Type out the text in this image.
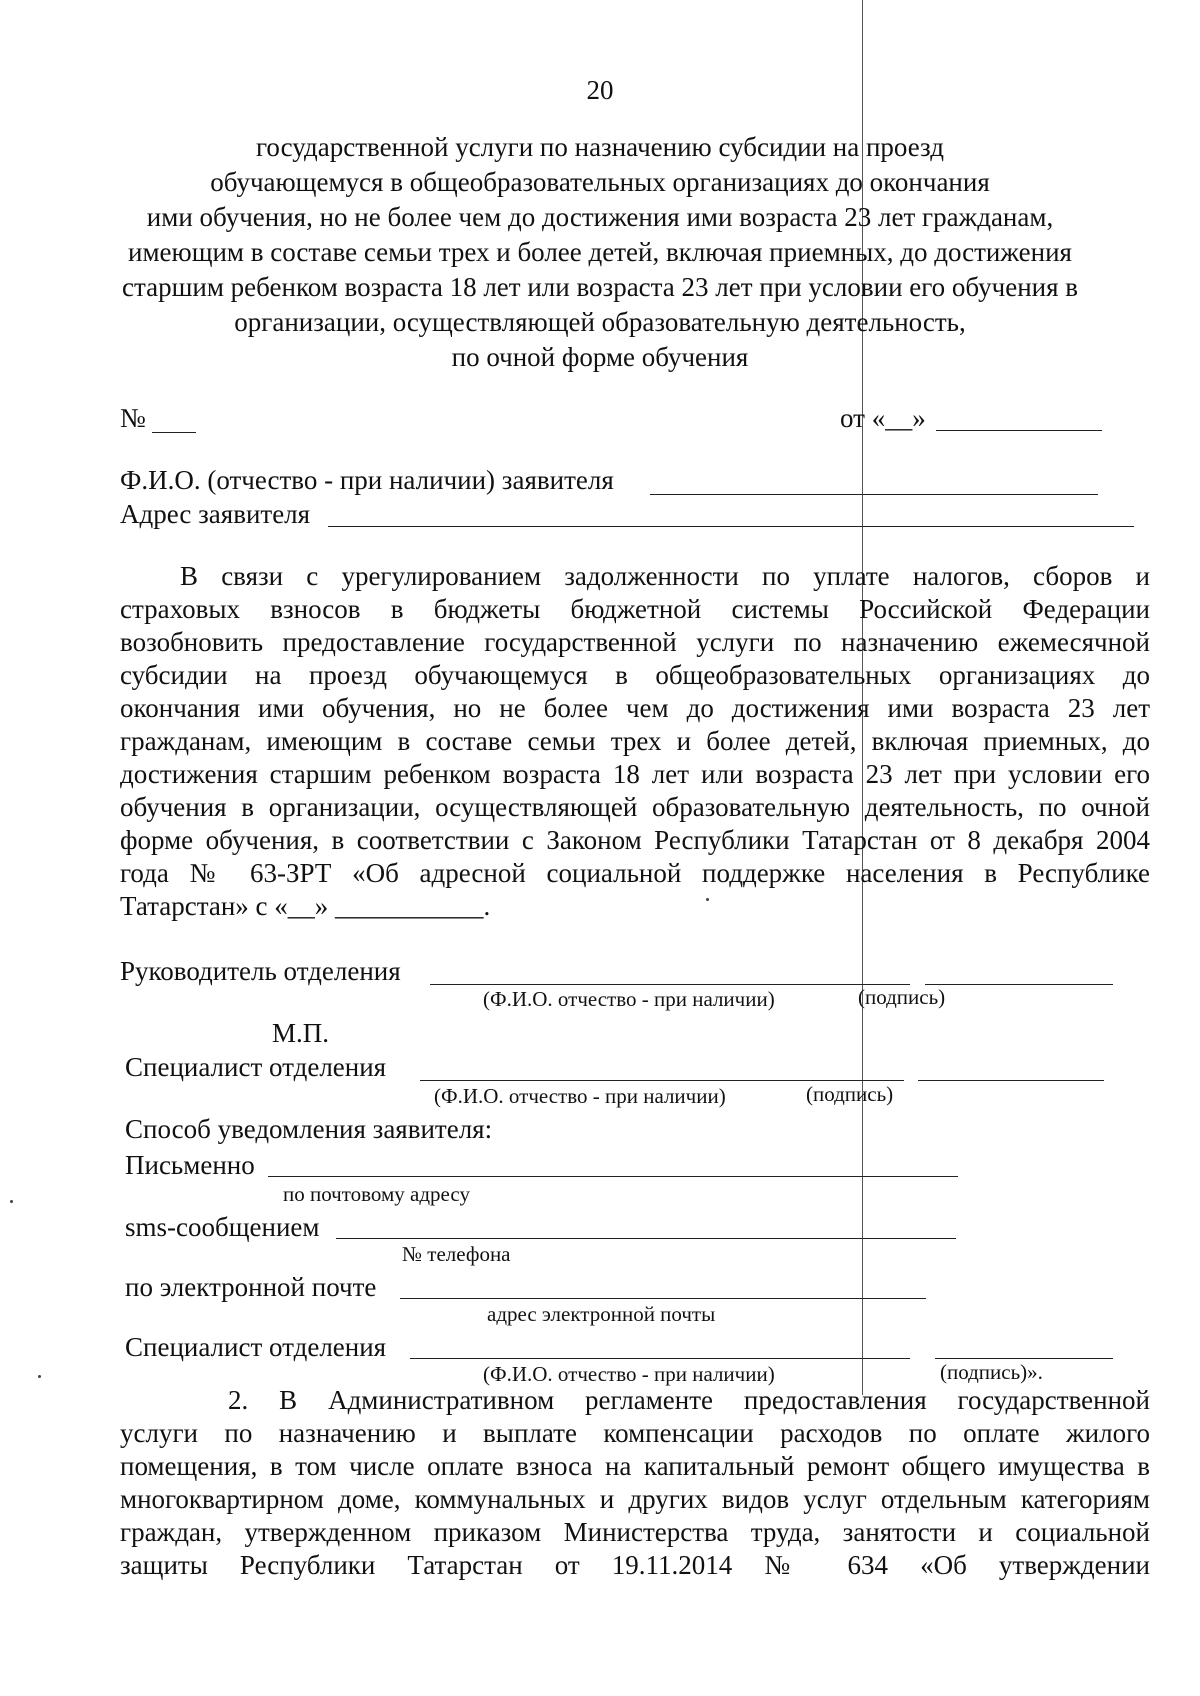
20
государственной услуги по назначению субсидии на проезд
обучающемуся в общеобразовательных организациях до окончания
ими обучения, но не более чем до достижения ими возраста 23 лет гражданам,
имеющим в составе семьи трех и более детей, включая приемных, до достижения
старшим ребенком возраста 18 лет или возраста 23 лет при условии его обучения в
организации, осуществляющей образовательную деятельность,
по очной форме обучения
№	от «__»
Ф.И.О. (отчество - при наличии) заявителя
Адрес заявителя
В связи с урегулированием задолженности по уплате налогов, сборов и
страховых взносов в бюджеты бюджетной системы Российской Федерации
возобновить предоставление государственной услуги по назначению ежемесячной
субсидии на проезд обучающемуся в общеобразовательных организациях до
окончания ими обучения, но не более чем до достижения ими возраста 23 лет
гражданам, имеющим в составе семьи трех и более детей, включая приемных, до
достижения старшим ребенком возраста 18 лет или возраста 23 лет при условии его
обучения в организации, осуществляющей образовательную деятельность, по очной
форме обучения, в соответствии с Законом Республики Татарстан от 8 декабря 2004
года № 63-ЗРТ «Об адресной социальной поддержке населения в Республике
Татарстан» с «__» ___________.
Руководитель отделения
(Ф.И.О. отчество - при наличии)	(подпись)
М.П.
Специалист отделения
(Ф.И.О. отчество - при наличии)	(подпись)
Способ уведомления заявителя:
Письменно
по почтовому адресу
sms-сообщением
№ телефона
по электронной почте
адрес электронной почты
Специалист отделения
(Ф.И.О. отчество - при наличии)	(подпись)».
2. В Административном регламенте предоставления государственной
услуги по назначению и выплате компенсации расходов по оплате жилого
помещения, в том числе оплате взноса на капитальный ремонт общего имущества в
многоквартирном доме, коммунальных и других видов услуг отдельным категориям
граждан, утвержденном приказом Министерства труда, занятости и социальной
защиты Республики Татарстан от 19.11.2014 № 634 «Об утверждении
